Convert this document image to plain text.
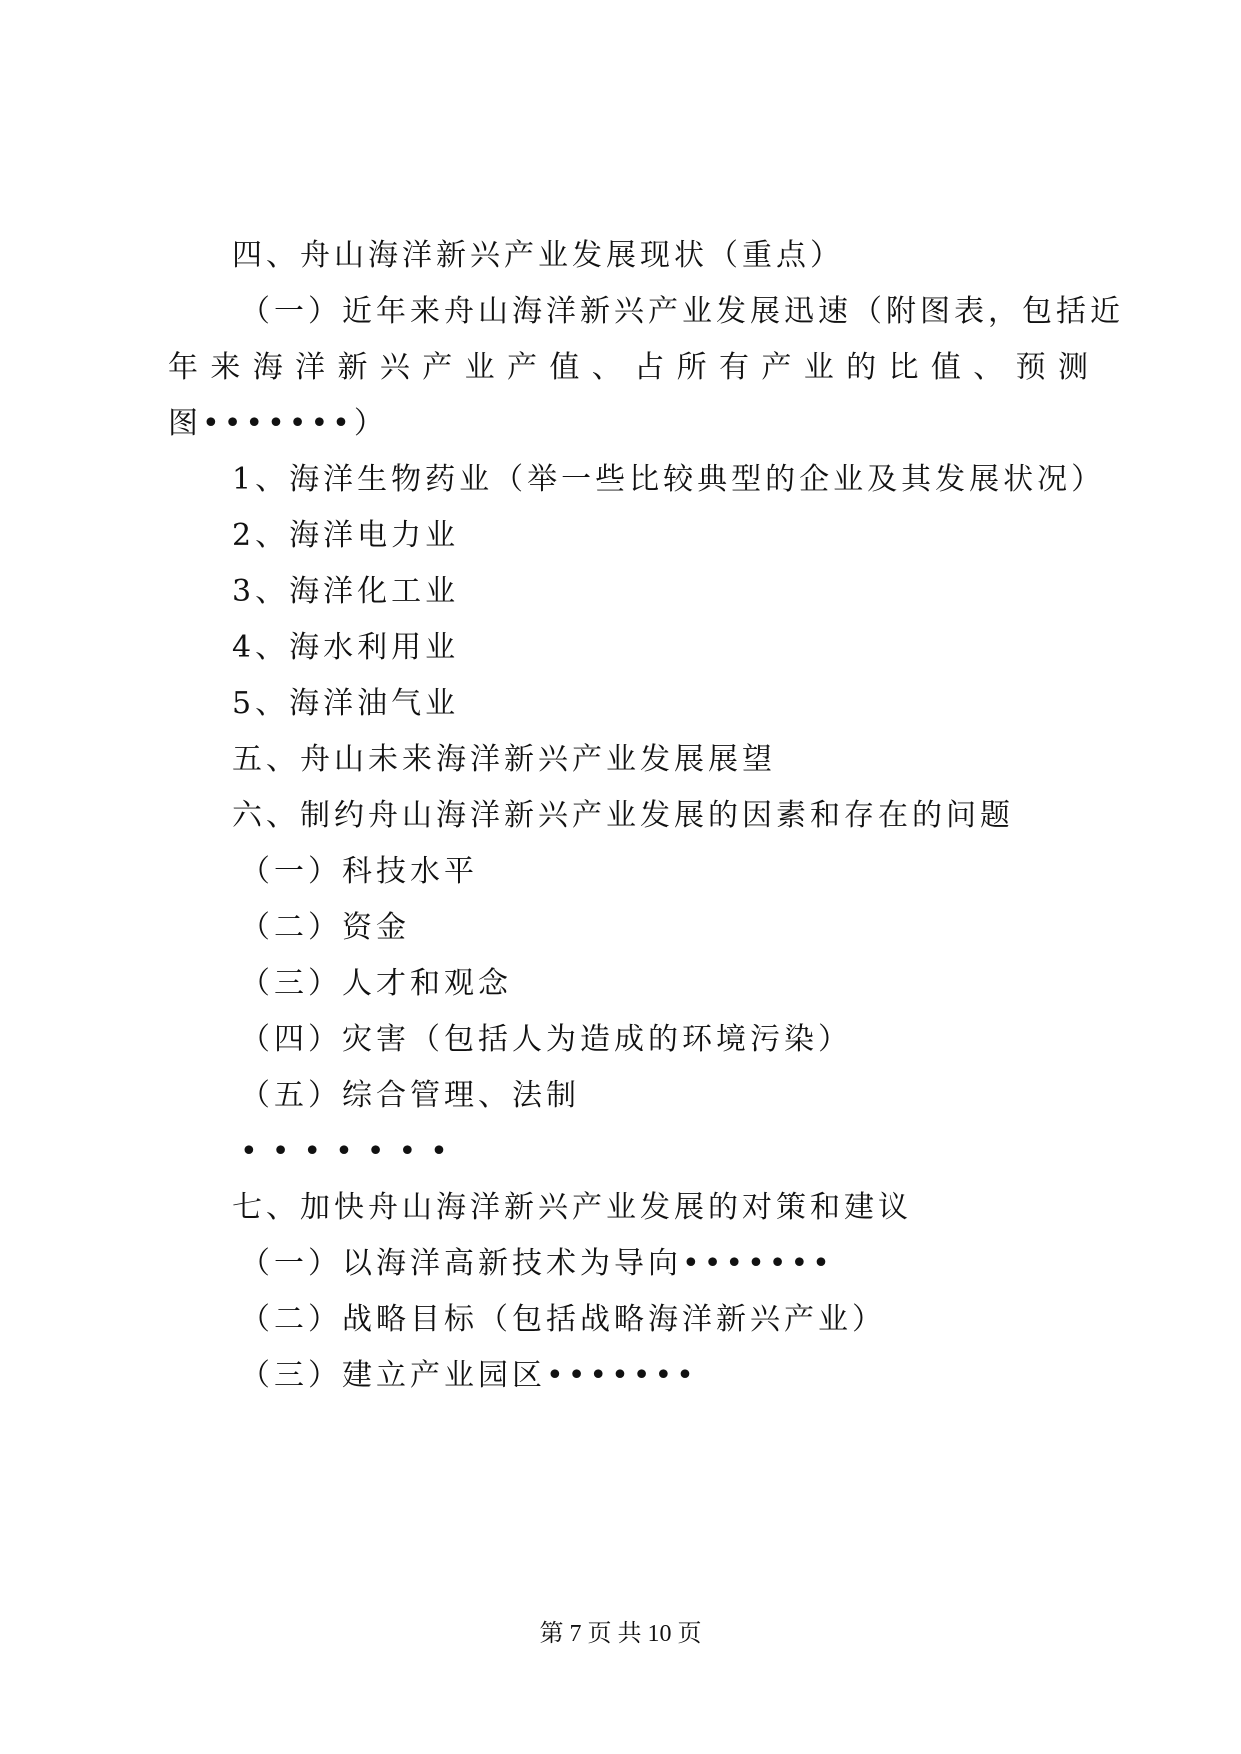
四、舟山海洋新兴产业发展现状（重点）
（一）近年来舟山海洋新兴产业发展迅速（附图表，包括近
年来海洋新兴产业产值、占所有产业的比值、预测
图•••••••）
1、海洋生物药业（举一些比较典型的企业及其发展状况）
2、海洋电力业
3、海洋化工业
4、海水利用业
5、海洋油气业
五、舟山未来海洋新兴产业发展展望
六、制约舟山海洋新兴产业发展的因素和存在的问题
（一）科技水平
（二）资金
（三）人才和观念
（四）灾害（包括人为造成的环境污染）
（五）综合管理、法制
•••••••
七、加快舟山海洋新兴产业发展的对策和建议
（一）以海洋高新技术为导向•••••••
（二）战略目标（包括战略海洋新兴产业）
（三）建立产业园区•••••••
第 7 页 共 10 页
